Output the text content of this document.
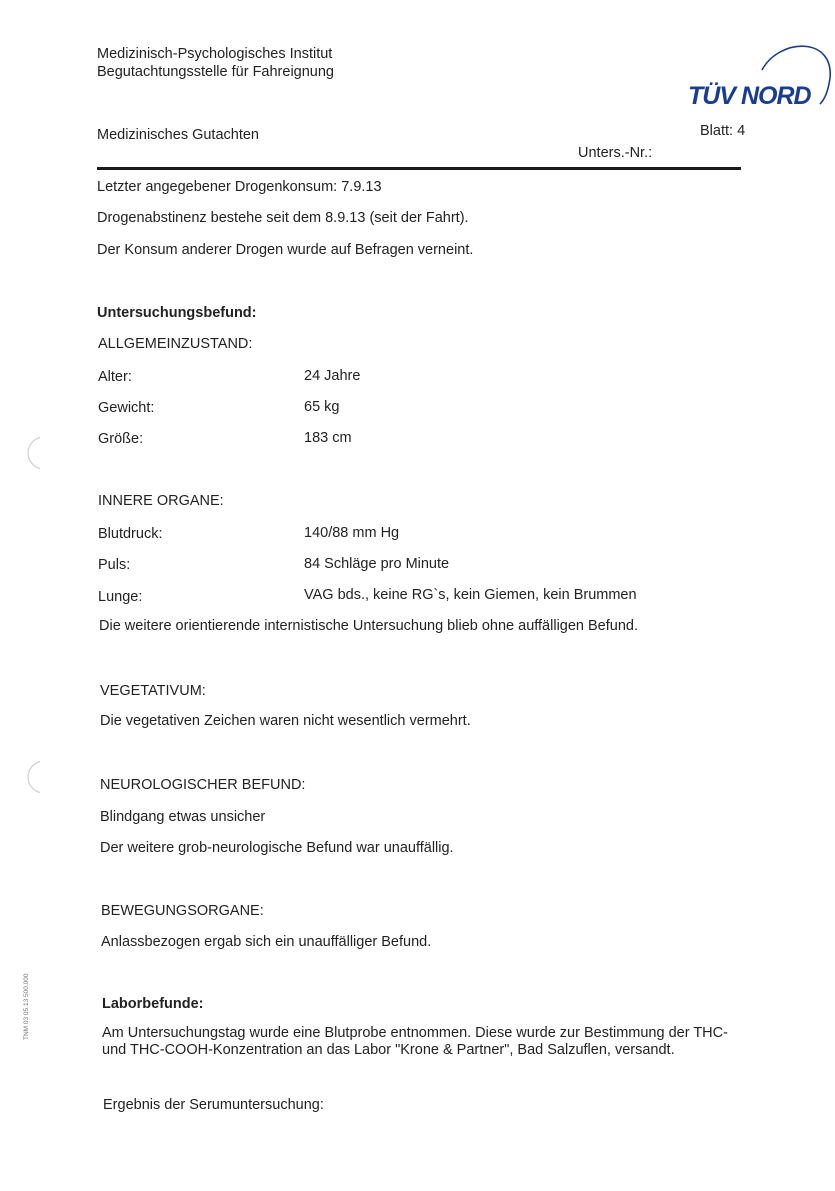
Medizinisch-Psychologisches Institut
Begutachtungsstelle für Fahreignung
TÜV NORD
Medizinisches Gutachten	Blatt: 4
Unters.-Nr.:
Letzter angegebener Drogenkonsum: 7.9.13
Drogenabstinenz bestehe seit dem 8.9.13 (seit der Fahrt).
Der Konsum anderer Drogen wurde auf Befragen verneint.
Untersuchungsbefund:
ALLGEMEINZUSTAND:
Alter:	24 Jahre
Gewicht:	65 kg
Größe:	183 cm
INNERE ORGANE:
Blutdruck:	140/88 mm Hg
Puls:	84 Schläge pro Minute
Lunge:	VAG bds., keine RG`s, kein Giemen, kein Brummen
Die weitere orientierende internistische Untersuchung blieb ohne auffälligen Befund.
VEGETATIVUM:
Die vegetativen Zeichen waren nicht wesentlich vermehrt.
NEUROLOGISCHER BEFUND:
Blindgang etwas unsicher
Der weitere grob-neurologische Befund war unauffällig.
BEWEGUNGSORGANE:
Anlassbezogen ergab sich ein unauffälliger Befund.
Laborbefunde:
Am Untersuchungstag wurde eine Blutprobe entnommen. Diese wurde zur Bestimmung der THC- und THC-COOH-Konzentration an das Labor "Krone & Partner", Bad Salzuflen, versandt.
Ergebnis der Serumuntersuchung:
TNM 03 05.13 500.000
